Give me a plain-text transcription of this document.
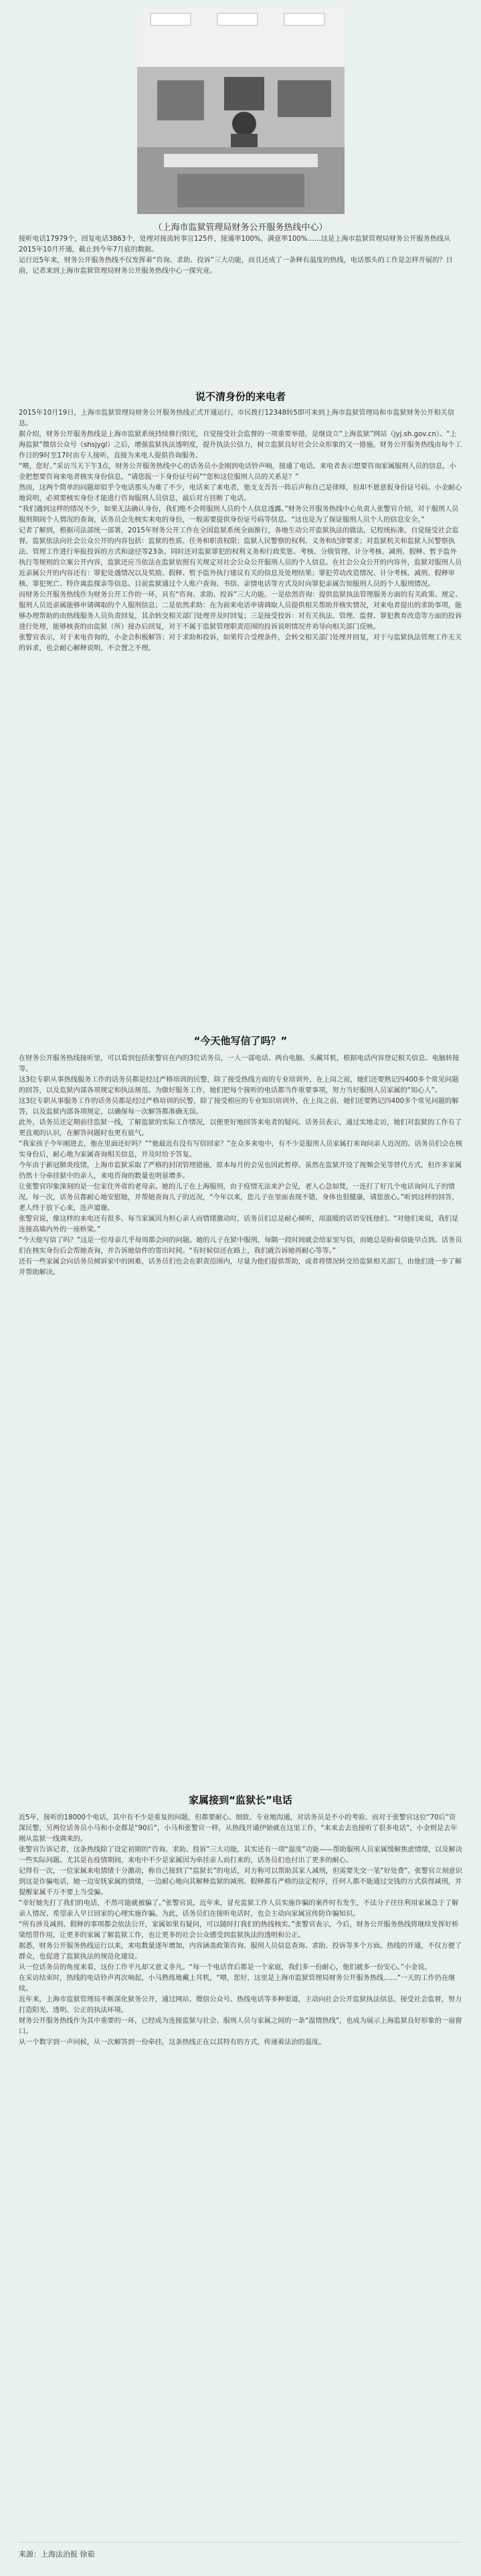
（上海市监狱管理局财务公开服务热线中心）

接听电话17979个，回复电话3863个，处理对接流转事宜125件，接通率100%，满意率100%……这是上海市监狱管理局财务公开服务热线从2015年10月开通，截止到今年7月底的数据。

运行近5年来，财务公开服务热线不仅发挥着“咨询、求助、投诉”三大功能，而且还成了一条释有温度的热线，电话那头的工作是怎样开展的？日前，记者来到上海市监狱管理局财务公开服务热线中心一探究竟。

说不清身份的来电者

2015年10月19日，上海市监狱管理局财务公开服务热线正式开通运行。市民拨打12348转5即可来到上海市监狱管理局和市监狱财务公开相关信息。

据介绍，财务公开服务热线是上海市监狱系统持续推行阳光，自觉接受社会监督的一项重要举措，是继设立“上海监狱”网站（jyj.sh.gov.cn）、“上海监狱”微信公众号（shsjygl）之后，增强监狱执法透明度，提升执法公信力，树立监狱良好社会公众形象的又一措施。财务公开服务热线由每个工作日的9时至17时由专人接听，直接为来电人提供咨询服务。

“喂，您好。”采访当天下午3点，财务公开服务热线中心的话务员小金刚到电话铃声响，接通了电话。来电者表示想要咨询家属服刑人员的信息，小金把想要咨询来电者核实身份信息，“请您报一下身份证号码”“您和这位服刑人员的关系是？”

然而，这两个简单的问题却似乎令电话那头为难了不少，电话来了来电者，他支支吾吾一阵后声称自己是律师，但却不愿意报身份证号码。小金耐心地说明，必须要核实身份才能进行咨询服刑人员信息，最后对方挂断了电话。

“我们遇到这样的情况不少，如果无法确认身份，我们绝不会将服刑人员的个人信息透露。”财务公开服务热线中心负责人张警官介绍，对于服刑人员服刑期间个人情况的查询，话务员会先核实来电的身份，一般需要提供身份证号码等信息。“这也是为了保证服刑人员个人的信息安全。”

记者了解到，根据司法部统一部署，2015年财务公开工作在全国监狱系统全面推行，各地生动公开监狱执法的做法，记程统标准，自觉接受社会监督。监狱依法向社会公众公开的内容包括：监狱的性质、任务和职责权限；监狱人民警察的权利、义务和纪律要求；对监狱机关和监狱人民警察执法、管理工作进行举报投诉的方式和途径等23条。同时还对监狱罪犯的权利义务和行政奖惩、考核、分级管理、计分考核、减刑、假释、暂予监外执行等规则的立案公开内容，监狱还应当依法在监狱依照有关规定对社会公众公开服刑人员的个人信息。在社会公众公开的内容外，监狱对服刑人员近亲属公开的内容还有：罪犯处遇情况以及奖励、假释、暂予监外执行建议有关的信息及处理结果；罪犯劳动改造情况、计分考核、减刑、假释审核、罪犯死亡、特许离监探亲等信息。目前监狱通过个人账户查询、书信、亲情电话等方式及时向罪犯亲属告知服刑人员的个人服刑情况。

而财务公开服务热线作为财务公开工作的一环，具有“咨询、求助、投诉”三大功能。一是依然咨询：提供监狱执法管理服务方面的有关政策、规定、服刑人员近亲属能够申请调取的个人服刑信息；二是依然求助：在为前来电话申请调取人员提供相关帮助并核实情况，对来电者提出的求助事项，能够办理帮助的由热线服务人员负责回复，其余转交相关部门处理并及时回复；三是接受投诉：对有关执法、管理、监督、罪犯教育改造等方面的投诉进行处理，能够核查的由监狱（所）接办后回复，对于不属于监狱管理职责范围的投诉说明情况并劝导向相关部门反映。

张警官表示，对于来电咨询的，小金会积极解答；对于求助和投诉，如果符合受理条件，会转交相关部门处理并回复，对于与监狱执法管理工作无关的诉求，也会耐心解释说明，不会置之不理。

“今天他写信了吗？”

在财务公开服务热线接听里，可以看到包括张警官在内的3位话务员，一人一部电话、两台电脑、头戴耳机，根据电话内容登记相关信息、电脑转接等。

这3位专职从事热线服务工作的话务员都是经过严格培训的民警，除了接受热线方面的专业培训外，在上岗之前，她们还要熟记四400多个常见问题的回答，以及监狱内部各项规定和执法规范。为做好服务工作，她们把每个接听的电话都当作重要事项，努力当好服刑人员家属的“知心人”。

这3位专职从事服务工作的话务员都是经过严格培训的民警，除了接受相应的专业知识培训外，在上岗之前，她们还要熟记四400多个常见问题的解答，以及监狱内部各项规定，以确保每一次解答都准确无误。

此外，话务员还定期前往监狱一线，了解监狱的实际工作情况，以便更好地回答来电者的疑问。话务员表示，通过实地走访，她们对监狱的工作有了更直观的认识，在解答问题时也更有底气。

“我家孩子今年刚进去，他在里面还好吗？”“他最近有没有写信回家？”在众多来电中，有不少是服刑人员家属打来询问亲人近况的。话务员们会在核实身份后，耐心地为家属查询相关信息，并及时给予答复。

今年由于新冠肺炎疫情，上海市监狱采取了严格的封闭管理措施，原本每月的会见也因此暂停。虽然在监狱开设了视频会见等替代方式，但许多家属仍然十分牵挂狱中的亲人，来电咨询的数量也明显增多。

让张警官印象深刻的是一位家住外省的老母亲。她的儿子在上海服刑，由于疫情无法来沪会见，老人心急如焚，一连打了好几个电话询问儿子的情况。每一次，话务员都耐心地安慰她，并帮她查询儿子的近况，“今年以来，您儿子在里面表现不错，身体也很健康，请您放心。”听到这样的回答，老人终于放下心来，连声道谢。

张警官说，像这样的来电还有很多。每当家属因为担心亲人而情绪激动时，话务员们总是耐心倾听，用温暖的话语安抚他们。“对他们来说，我们是连接高墙内外的一座桥梁。”

“今天他写信了吗？”这是一位母亲几乎每周都会问的问题。她的儿子在狱中服刑，每隔一段时间就会给家里写信，而她总是盼着信能早点到。话务员们在核实身份后会帮她查询，并告诉她信件的寄出时间。“有时候信还在路上，我们就告诉她再耐心等等。”

还有一些家属会向话务员倾诉家中的困难，话务员们也会在职责范围内，尽量为他们提供帮助，或者将情况转交给监狱相关部门，由他们进一步了解并帮助解决。

家属接到“监狱长”电话

近5年，接听的18000个电话，其中有不少是重复的问题，但都要耐心、细致、专业地沟通，对话务员是不小的考验。而对于张警官这位“70后”资深民警，另两位话务员小马和小金都是“90后”，小马和张警官一样，从热线开通伊始就在这里工作，“来来去去也接听了很多电话”，小金则是去年刚从监狱一线调来的。

张警官告诉记者，这条热线除了设定初期的“咨询、求助、投诉”三大功能，其实还有一项“温度”功能——帮助服刑人员家属缓解焦虑情绪，以及解决一些实际问题。尤其是在疫情期间，来电中不少是家属因为牵挂亲人而打来的，话务员们也付出了更多的耐心。

记得有一次，一位家属来电情绪十分激动，称自己接到了“监狱长”的电话，对方称可以帮助其家人减刑，但需要先交一笔“好处费”。张警官立刻意识到这是诈骗电话，她一边安抚家属的情绪，一边耐心地向其解释监狱的减刑、假释都有严格的法定程序，任何人都不能通过交钱的方式获得减刑，并提醒家属千万不要上当受骗。

“幸好她先打了我们的电话，不然可能就被骗了。”张警官说，近年来，冒充监狱工作人员实施诈骗的案件时有发生，不法分子往往利用家属急于了解亲人情况、希望亲人早日回家的心理实施诈骗。为此，话务员们在接听电话时，也会主动向家属宣传防诈骗知识。

“所有涉及减刑、假释的事项都会依法公开，家属如果有疑问，可以随时打我们的热线核实。”张警官表示，今后，财务公开服务热线将继续发挥好桥梁纽带作用，让更多的家属了解监狱工作，也让更多的社会公众感受到监狱执法的透明和公正。

据悉，财务公开服务热线运行以来，来电数量逐年增加，内容涵盖政策咨询、服刑人员信息查询、求助、投诉等多个方面。热线的开通，不仅方便了群众，也促进了监狱执法的规范化建设。

从一位话务员的角度来看，这份工作平凡却又意义非凡。“每一个电话背后都是一个家庭，我们多一份耐心，他们就多一份安心。”小金说。

在采访结束时，热线的电话铃声再次响起，小马熟练地戴上耳机，“喂，您好，这里是上海市监狱管理局财务公开服务热线……”一天的工作仍在继续。

近年来，上海市监狱管理局不断深化狱务公开，通过网站、微信公众号、热线电话等多种渠道，主动向社会公开监狱执法信息，接受社会监督，努力打造阳光、透明、公正的执法环境。

财务公开服务热线作为其中重要的一环，已经成为连接监狱与社会、服刑人员与家属之间的一条“温情热线”，也成为展示上海监狱良好形象的一扇窗口。

从一个数字到一声问候，从一次解答到一份牵挂，这条热线正在以其特有的方式，传递着法治的温度。

来源：上海法治报 徐茹
